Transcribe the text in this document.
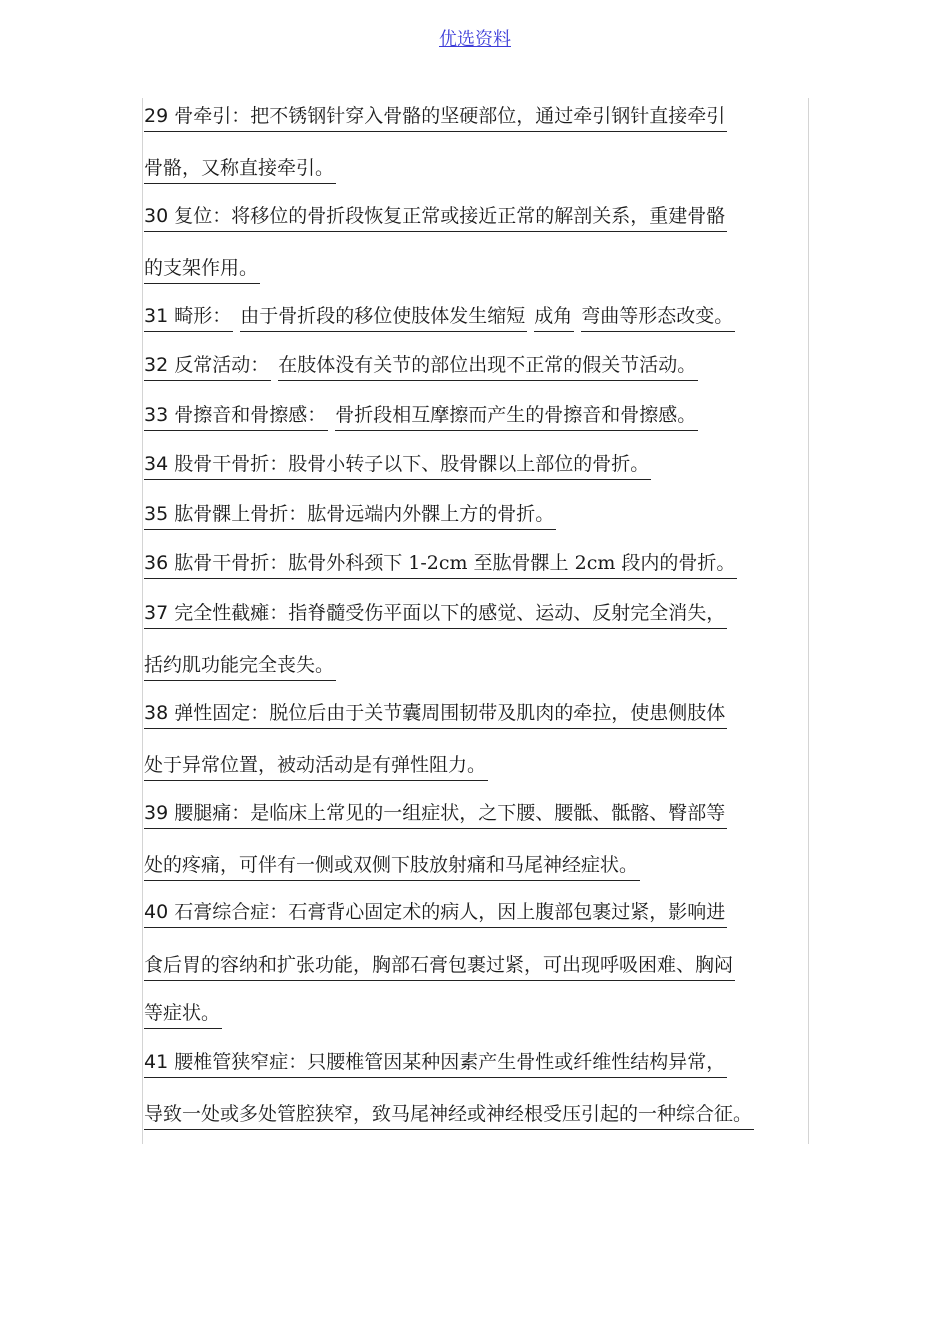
优选资料
29 骨牵引：把不锈钢针穿入骨骼的坚硬部位，通过牵引钢针直接牵引
骨骼，又称直接牵引。
30 复位：将移位的骨折段恢复正常或接近正常的解剖关系，重建骨骼
的支架作用。
31 畸形： 由于骨折段的移位使肢体发生缩短 成角 弯曲等形态改变。
32 反常活动： 在肢体没有关节的部位出现不正常的假关节活动。
33 骨擦音和骨擦感： 骨折段相互摩擦而产生的骨擦音和骨擦感。
34 股骨干骨折：股骨小转子以下、股骨髁以上部位的骨折。
35 肱骨髁上骨折：肱骨远端内外髁上方的骨折。
36 肱骨干骨折：肱骨外科颈下 1-2cm 至肱骨髁上 2cm 段内的骨折。
37 完全性截瘫：指脊髓受伤平面以下的感觉、运动、反射完全消失，
括约肌功能完全丧失。
38 弹性固定：脱位后由于关节囊周围韧带及肌肉的牵拉，使患侧肢体
处于异常位置，被动活动是有弹性阻力。
39 腰腿痛：是临床上常见的一组症状，之下腰、腰骶、骶髂、臀部等
处的疼痛，可伴有一侧或双侧下肢放射痛和马尾神经症状。
40 石膏综合症：石膏背心固定术的病人，因上腹部包裹过紧，影响进
食后胃的容纳和扩张功能，胸部石膏包裹过紧，可出现呼吸困难、胸闷
等症状。
41 腰椎管狭窄症：只腰椎管因某种因素产生骨性或纤维性结构异常，
导致一处或多处管腔狭窄，致马尾神经或神经根受压引起的一种综合征。
